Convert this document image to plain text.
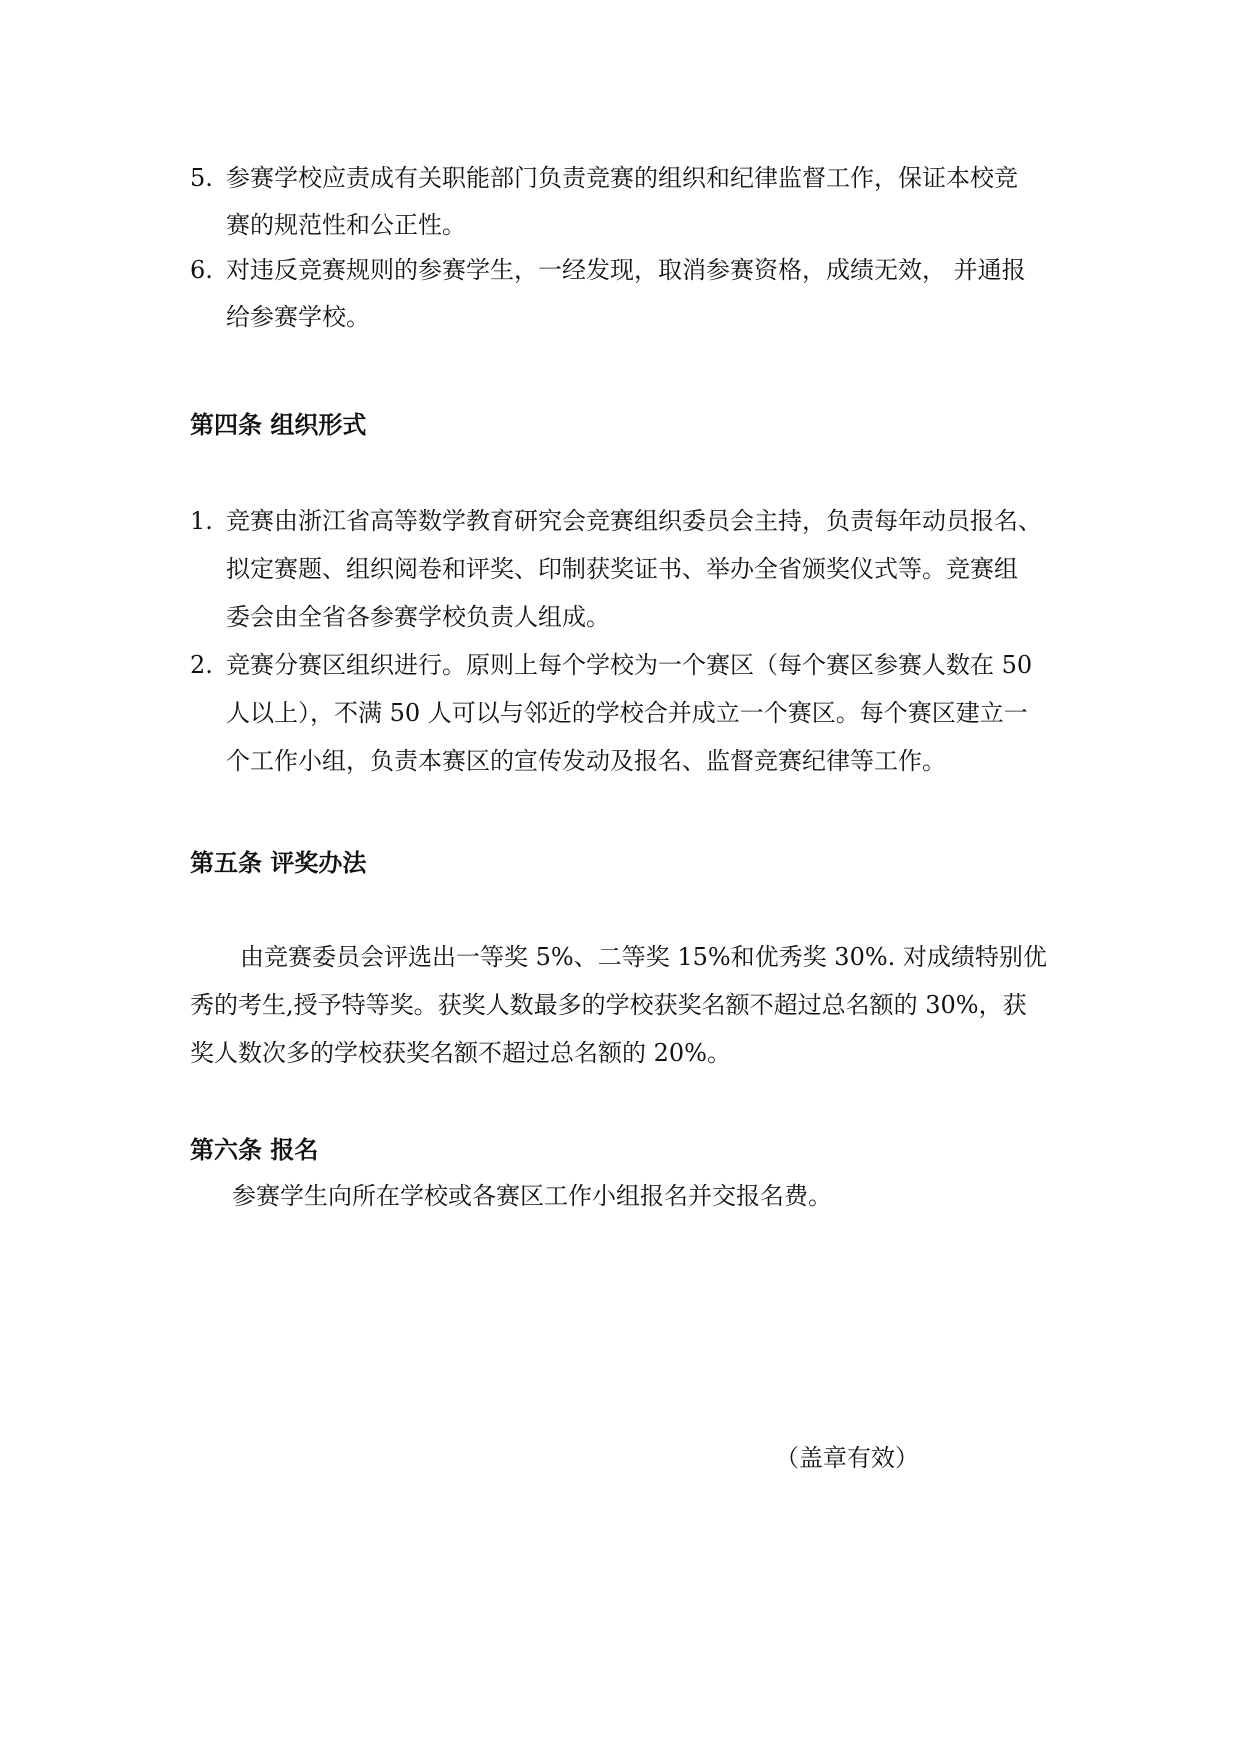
5. 参赛学校应责成有关职能部门负责竞赛的组织和纪律监督工作，保证本校竞
赛的规范性和公正性。
6. 对违反竞赛规则的参赛学生，一经发现，取消参赛资格，成绩无效， 并通报
给参赛学校。
第四条 组织形式
1. 竞赛由浙江省高等数学教育研究会竞赛组织委员会主持，负责每年动员报名、
拟定赛题、组织阅卷和评奖、印制获奖证书、举办全省颁奖仪式等。竞赛组
委会由全省各参赛学校负责人组成。
2. 竞赛分赛区组织进行。原则上每个学校为一个赛区（每个赛区参赛人数在 50
人以上），不满 50 人可以与邻近的学校合并成立一个赛区。每个赛区建立一
个工作小组，负责本赛区的宣传发动及报名、监督竞赛纪律等工作。
第五条 评奖办法
由竞赛委员会评选出一等奖 5%、二等奖 15%和优秀奖 30%. 对成绩特别优
秀的考生,授予特等奖。获奖人数最多的学校获奖名额不超过总名额的 30%，获
奖人数次多的学校获奖名额不超过总名额的 20%。
第六条 报名
参赛学生向所在学校或各赛区工作小组报名并交报名费。
（盖章有效）
